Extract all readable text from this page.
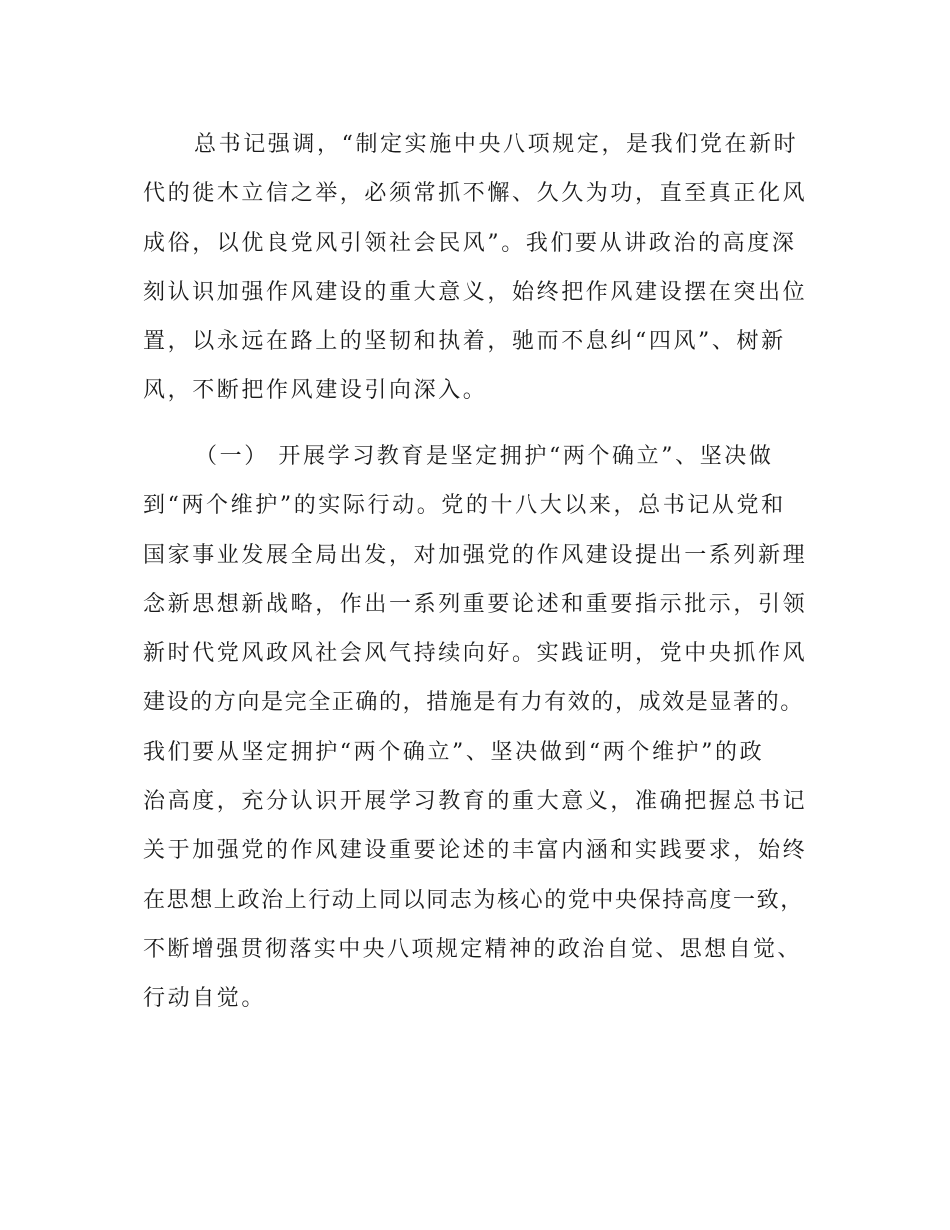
总书记强调，“制定实施中央八项规定，是我们党在新时
代的徙木立信之举，必须常抓不懈、久久为功，直至真正化风
成俗，以优良党风引领社会民风”。我们要从讲政治的高度深
刻认识加强作风建设的重大意义，始终把作风建设摆在突出位
置，以永远在路上的坚韧和执着，驰而不息纠“四风”、树新
风，不断把作风建设引向深入。
（一） 开展学习教育是坚定拥护“两个确立”、坚决做
到“两个维护”的实际行动。党的十八大以来，总书记从党和
国家事业发展全局出发，对加强党的作风建设提出一系列新理
念新思想新战略，作出一系列重要论述和重要指示批示，引领
新时代党风政风社会风气持续向好。实践证明，党中央抓作风
建设的方向是完全正确的，措施是有力有效的，成效是显著的。
我们要从坚定拥护“两个确立”、坚决做到“两个维护”的政
治高度，充分认识开展学习教育的重大意义，准确把握总书记
关于加强党的作风建设重要论述的丰富内涵和实践要求，始终
在思想上政治上行动上同以同志为核心的党中央保持高度一致，
不断增强贯彻落实中央八项规定精神的政治自觉、思想自觉、
行动自觉。
